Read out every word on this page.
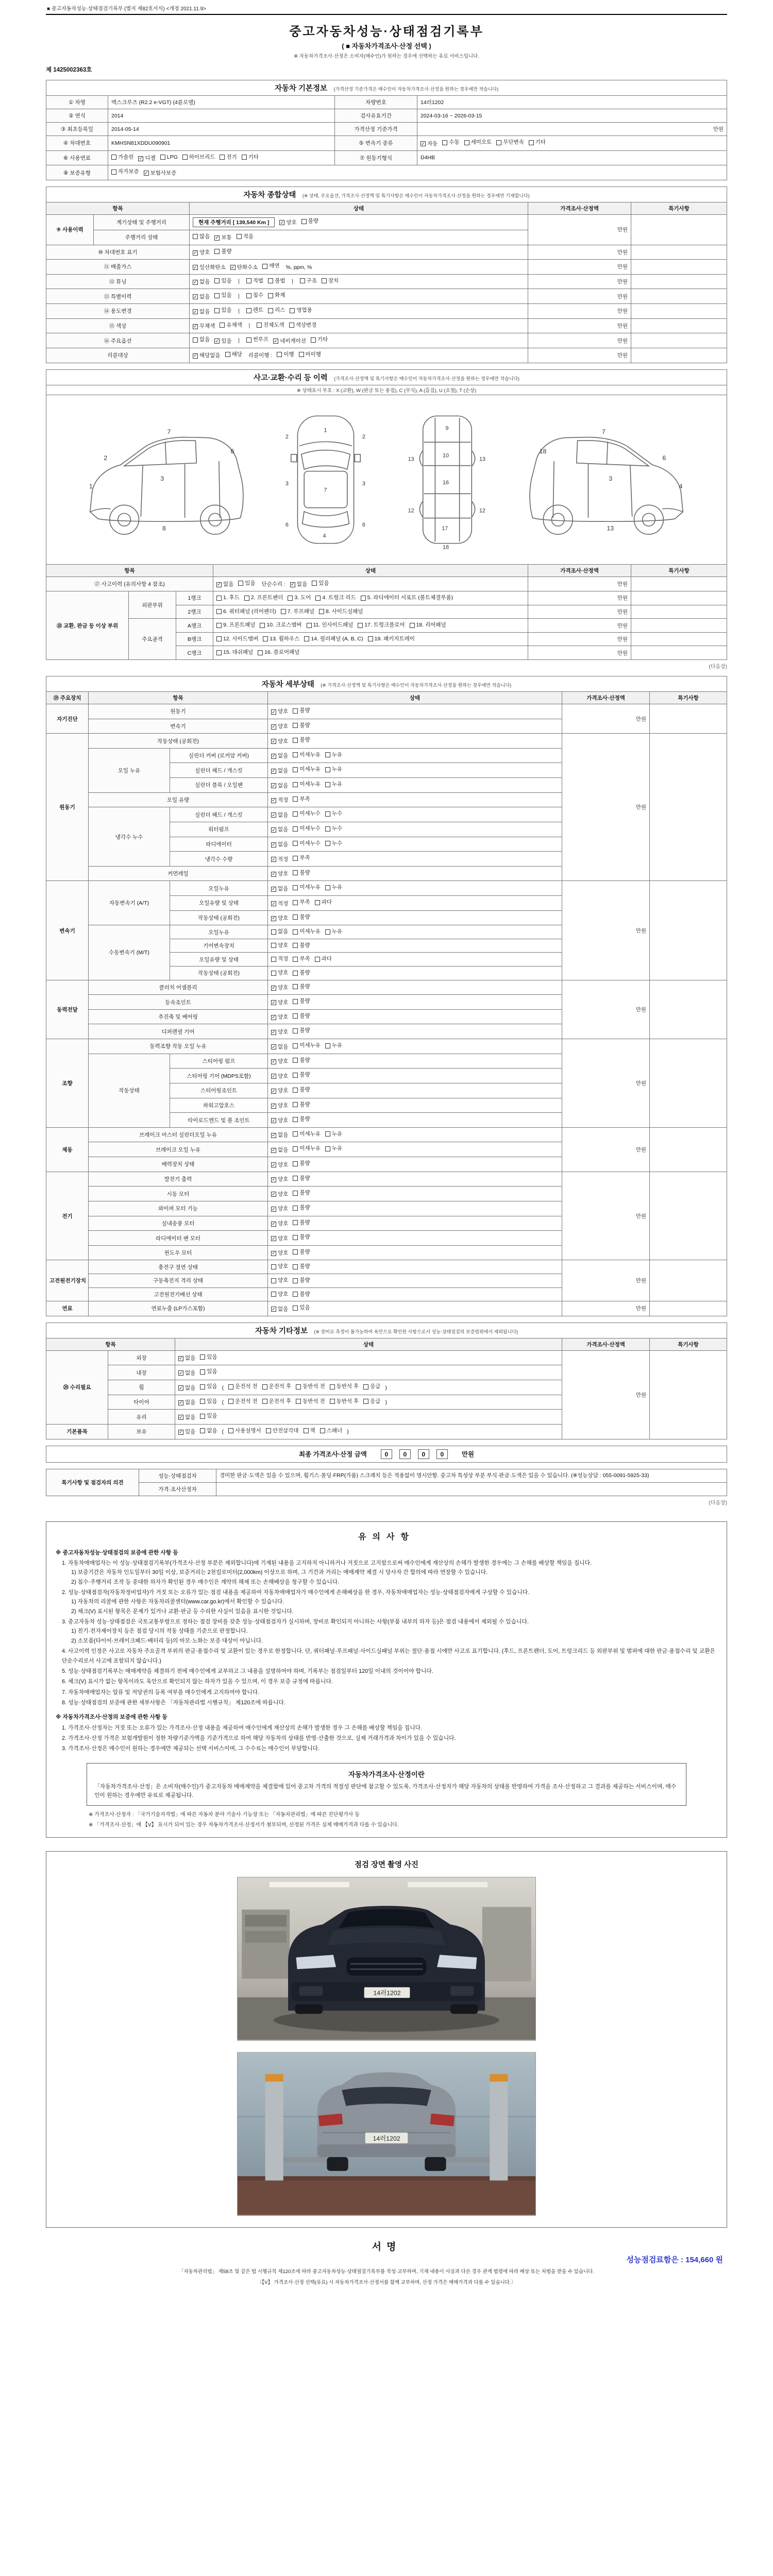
■ 중고자동차성능·상태점검기록부 (별지 제82호서식) <개정 2021.11.9>
중고자동차성능·상태점검기록부
( ■ 자동차가격조사·산정 선택 )
※ 자동차가격조사·산정은 소비자(매수인)가 원하는 경우에 선택하는 유료 서비스입니다.
제 1425002363호
자동차 기본정보 (가격산정 기준가격은 매수인이 자동차가격조사·산정을 원하는 경우에만 적습니다)
① 차명	맥스크루즈 (R2.2 e-VGT) (4륜모델)	차량번호	14러1202
② 연식	2014	검사유효기간	2024-03-16 ~ 2026-03-15
③ 최초등록일	2014-05-14	가격산정 기준가격	만원
④ 차대번호	KMHSN81XDDU090901	⑤ 변속기 종류	✓ 자동 수동 세미오토 무단변속 기타

⑥ 사용연료	가솔린 ✓ 디젤 LPG 하이브리드 전기 기타	⑦ 원동기형식	D4HB
⑧ 보증유형	자가보증 ✓ 보험사보증		
자동차 종합상태 (※ 상태, 주요옵션, 가격조사·산정액 및 특기사항은 매수인이 자동차가격조사·산정을 원하는 경우에만 기재합니다)
항목		상태	가격조사·산정액	특기사항
⑨ 사용이력	계기상태 및 주행거리	현재 주행거리 [ 139,540 Km ] ✓ 양호 불량	만원	
	주행거리 상태	많음 ✓ 보통 적음		

⑩ 차대번호 표기		✓ 양호 불량	만원	
⑪ 배출가스	✓ 일산화탄소 ✓ 탄화수소 매연 %, ppm, %	만원	
⑫ 튜닝	✓ 없음 있음 ㅣ 적법 불법 ㅣ 구조 장치	만원	
⑬ 특별이력	✓ 없음 있음 ㅣ 침수 화재	만원	
⑭ 용도변경	✓ 없음 있음 ㅣ 렌트 리스 영업용	만원	
⑮ 색상	✓ 무채색 유채색 ㅣ 전체도색 색상변경	만원	
⑯ 주요옵션	없음 ✓ 있음 ㅣ 썬루프 ✓ 네비게이션 기타	만원	
리콜대상	✓ 해당없음 해당 리콜이행 : 이행 미이행	만원	
사고·교환·수리 등 이력 (가격조사·산정액 및 특기사항은 매수인이 자동차가격조사·산정을 원하는 경우에만 적습니다)
※ 상태표시 부호 : X (교환), W (판금 또는 용접), C (부식), A (흠집), U (요철), T (손상)
1
2
3
7
6
8
1
7
4
3	3
2	2
6	6
9
10
13	13
16
12	12
17
18
4
6
3
7
18
13
항목			상태	가격조사·산정액	특기사항
⑰ 사고이력 (유의사항 4 참조)	✓ 없음 있음 단순수리 : ✓ 없음 있음	만원	
⑱ 교환, 판금 등 이상 부위	외판부위	1랭크	1. 후드 2. 프론트펜더 3. 도어 4. 트렁크 리드 5. 라디에이터 서포트 (볼트체결부품)	만원	
		2랭크	6. 쿼터패널 (리어펜더) 7. 루프패널 8. 사이드실패널	만원	
	주요골격	A랭크	9. 프론트패널 10. 크로스멤버 11. 인사이드패널 17. 트렁크플로어 18. 리어패널	만원	
		B랭크	12. 사이드멤버 13. 휠하우스 14. 필러패널 (A, B, C) 19. 패키지트레이	만원	
		C랭크	15. 대쉬패널 16. 플로어패널	만원	
(다음장)
자동차 세부상태 (※ 가격조사·산정액 및 특기사항은 매수인이 자동차가격조사·산정을 원하는 경우에만 적습니다)
⑲ 주요장치	항목		상태	가격조사·산정액	특기사항
자기진단	원동기		✓ 양호 불량	만원	
	변속기		✓ 양호 불량		

원동기	작동상태 (공회전)		✓ 양호 불량	만원	
	오일 누유	실린더 커버 (로커암 커버)	✓ 없음 미세누유 누유		

		실린더 헤드 / 개스킷	✓ 없음 미세누유 누유		

		실린더 블록 / 오일팬	✓ 없음 미세누유 누유		

	오일 유량		✓ 적정 부족		

	냉각수 누수	실린더 헤드 / 개스킷	✓ 없음 미세누수 누수		

		워터펌프	✓ 없음 미세누수 누수		

		라디에이터	✓ 없음 미세누수 누수		

		냉각수 수량	✓ 적정 부족		

	커먼레일		✓ 양호 불량		

변속기	자동변속기 (A/T)	오일누유	✓ 없음 미세누유 누유	만원	
		오일유량 및 상태	✓ 적정 부족 과다		

		작동상태 (공회전)	✓ 양호 불량		

	수동변속기 (M/T)	오일누유	없음 미세누유 누유		

		기어변속장치	양호 불량		

		오일유량 및 상태	적정 부족 과다		

		작동상태 (공회전)	양호 불량		

동력전달	클러치 어셈블리		✓ 양호 불량	만원	
	등속조인트		✓ 양호 불량		

	추진축 및 베어링		✓ 양호 불량		

	디퍼렌셜 기어		✓ 양호 불량		

조향	동력조향 작동 오일 누유		✓ 없음 미세누유 누유	만원	
	작동상태	스티어링 펌프	✓ 양호 불량		

		스티어링 기어 (MDPS포함)	✓ 양호 불량		

		스티어링조인트	✓ 양호 불량		

		파워고압호스	✓ 양호 불량		

		타이로드엔드 및 볼 조인트	✓ 양호 불량		

제동	브레이크 마스터 실린더오일 누유		✓ 없음 미세누유 누유	만원	
	브레이크 오일 누유		✓ 없음 미세누유 누유		

	배력장치 상태		✓ 양호 불량		

전기	발전기 출력		✓ 양호 불량	만원	
	시동 모터		✓ 양호 불량		

	와이퍼 모터 기능		✓ 양호 불량		

	실내송풍 모터		✓ 양호 불량		

	라디에이터 팬 모터		✓ 양호 불량		

	윈도우 모터		✓ 양호 불량		

고전원전기장치	충전구 절연 상태		양호 불량	만원	
	구동축전지 격리 상태		양호 불량		

	고전원전기배선 상태		양호 불량		

연료	연료누출 (LP가스포함)		✓ 없음 있음	만원	
자동차 기타정보 (※ 장비로 측정이 불가능하여 육안으로 확인한 사항으로서 성능·상태점검의 보증범위에서 제외됩니다)
항목		상태	가격조사·산정액	특기사항
⑳ 수리필요	외장	✓ 없음 있음	만원	
	내장	✓ 없음 있음		

휠	✓ 없음 있음 ( 운전석 전 운전석 후 동반석 전 동반석 후 응급 )
타이어	✓ 없음 있음 ( 운전석 전 운전석 후 동반석 전 동반석 후 응급 )
	유리	✓ 없음 있음		

기본품목	보유	✓ 있음 없음 ( 사용설명서 안전삼각대 잭 스패너 )
최종 가격조사·산정 금액	0 0 0 0	만원
특기사항 및 점검자의 의견	성능·상태점검자	경미한 판금·도색은 있을 수 있으며, 휠기스·몰딩·FRP(가품) 스크래치 등은 적용없이 명시안함. 중고차 특성상 부분 부식·판금·도색은 있을 수 있습니다. (※성능상담 : 055-0091-5925-33)
	가격·조사산정자	
(다음장)
유의사항
※ 중고자동차성능·상태점검의 보증에 관한 사항 등
1. 자동차매매업자는 이 성능·상태점검기록부(가격조사·산정 부분은 제외합니다)에 기재된 내용을 고지하지 아니하거나 거짓으로 고지함으로써 매수인에게 재산상의 손해가 발생한 경우에는 그 손해를 배상할 책임을 집니다.
1) 보증기간은 자동차 인도일부터 30일 이상, 보증거리는 2천킬로미터(2,000km) 이상으로 하며, 그 기간과 거리는 매매계약 체결 시 당사자 간 합의에 따라 연장할 수 있습니다.
2) 침수·주행거리 조작 등 중대한 하자가 확인된 경우 매수인은 계약의 해제 또는 손해배상을 청구할 수 있습니다.
2. 성능·상태점검자(자동차정비업자)가 거짓 또는 오류가 있는 점검 내용을 제공하여 자동차매매업자가 매수인에게 손해배상을 한 경우, 자동차매매업자는 성능·상태점검자에게 구상할 수 있습니다.
1) 자동차의 리콜에 관한 사항은 자동차리콜센터(www.car.go.kr)에서 확인할 수 있습니다.
2) 체크(V) 표시된 항목은 문제가 있거나 교환·판금 등 수리한 사실이 있음을 표시한 것입니다.
3. 중고자동차 성능·상태점검은 국토교통부령으로 정하는 점검 장비를 갖춘 성능·상태점검자가 실시하며, 장비로 확인되지 아니하는 사항(부품 내부의 하자 등)은 점검 내용에서 제외될 수 있습니다.
1) 전기·전자제어장치 등은 점검 당시의 작동 상태를 기준으로 판정합니다.
2) 소모품(타이어·브레이크패드·배터리 등)의 마모·노화는 보증 대상이 아닙니다.
4. 사고이력 인정은 사고로 자동차 주요골격 부위의 판금·용접수리 및 교환이 있는 경우로 한정합니다. 단, 쿼터패널·루프패널·사이드실패널 부위는 절단·용접 시에만 사고로 표기합니다. (후드, 프론트펜더, 도어, 트렁크리드 등 외판부위 및 범퍼에 대한 판금·용접수리 및 교환은 단순수리로서 사고에 포함되지 않습니다.)
5. 성능·상태점검기록부는 매매계약을 체결하기 전에 매수인에게 교부하고 그 내용을 설명하여야 하며, 기록부는 점검일부터 120일 이내의 것이어야 합니다.
6. 체크(V) 표시가 없는 항목이라도 육안으로 확인되지 않는 하자가 있을 수 있으며, 이 경우 보증 규정에 따릅니다.
7. 자동차매매업자는 압류 및 저당권의 등록 여부를 매수인에게 고지하여야 합니다.
8. 성능·상태점검의 보증에 관한 세부사항은 「자동차관리법 시행규칙」 제120조에 따릅니다.
※ 자동차가격조사·산정의 보증에 관한 사항 등
1. 가격조사·산정자는 거짓 또는 오류가 있는 가격조사·산정 내용을 제공하여 매수인에게 재산상의 손해가 발생한 경우 그 손해를 배상할 책임을 집니다.
2. 가격조사·산정 가격은 보험개발원이 정한 차량기준가액을 기준가격으로 하여 해당 자동차의 상태를 반영·산출한 것으로, 실제 거래가격과 차이가 있을 수 있습니다.
3. 가격조사·산정은 매수인이 원하는 경우에만 제공되는 선택 서비스이며, 그 수수료는 매수인이 부담합니다.
자동차가격조사·산정이란
「자동차가격조사·산정」은 소비자(매수인)가 중고자동차 매매계약을 체결함에 있어 중고차 가격의 적절성 판단에 참고할 수 있도록, 가격조사·산정자가 해당 자동차의 상태를 반영하여 가격을 조사·산정하고 그 결과를 제공하는 서비스이며, 매수인이 원하는 경우에만 유료로 제공됩니다.
※ 가격조사·산정자 : 「국가기술자격법」에 따른 자동차 분야 기술사·기능장 또는 「자동차관리법」에 따른 진단평가사 등
※ 「가격조사·산정」에 【V】 표시가 되어 있는 경우 자동차가격조사·산정서가 첨부되며, 산정된 가격은 실제 매매가격과 다를 수 있습니다.
점검 장면 촬영 사진
14러1202
14러1202
서명
성능점검료함은 : 154,660 원
「자동차관리법」 제58조 및 같은 법 시행규칙 제120조에 따라 중고자동차성능·상태점검기록부를 작성·교부하며, 기재 내용이 사실과 다른 경우 관계 법령에 따라 배상 또는 처벌을 받을 수 있습니다.
〔【V】 가격조사·산정 선택(유료) 시 자동차가격조사·산정서를 함께 교부하며, 산정 가격은 매매가격과 다를 수 있습니다.〕
